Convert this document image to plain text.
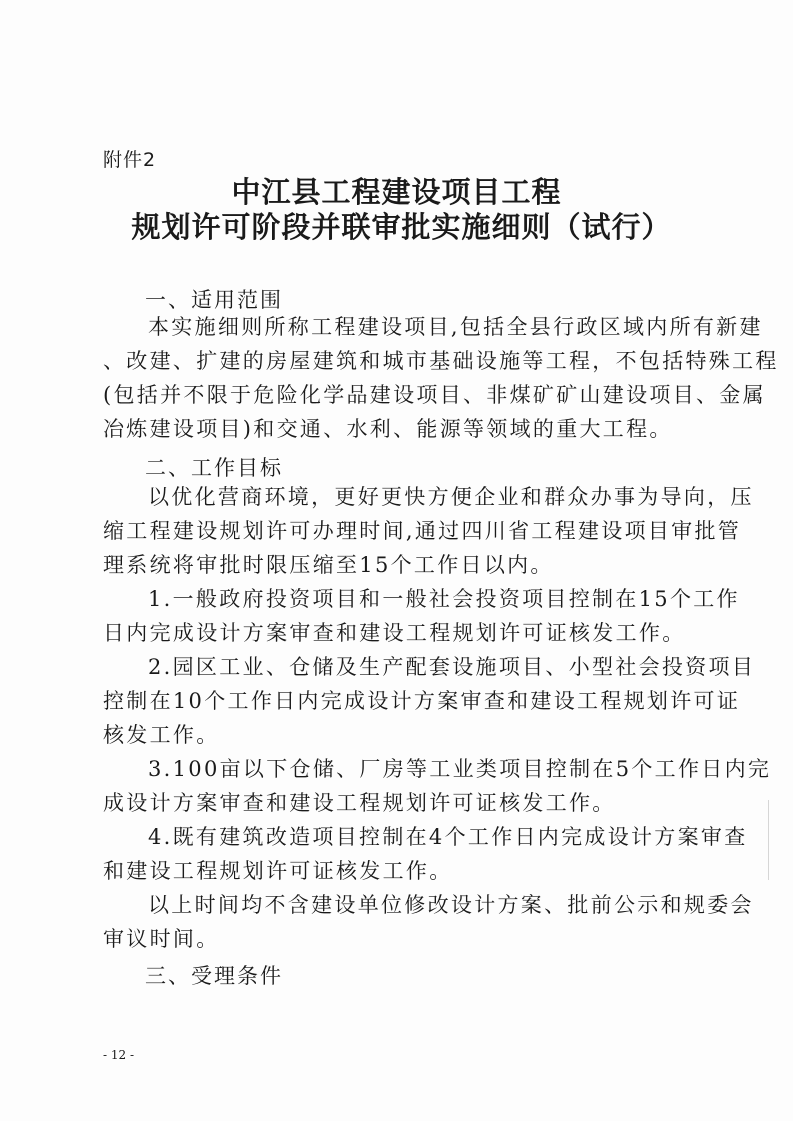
附件2
中江县工程建设项目工程
规划许可阶段并联审批实施细则（试行）
一、适用范围
本实施细则所称工程建设项目,包括全县行政区域内所有新建
、改建、扩建的房屋建筑和城市基础设施等工程，不包括特殊工程
(包括并不限于危险化学品建设项目、非煤矿矿山建设项目、金属
冶炼建设项目)和交通、水利、能源等领域的重大工程。
二、工作目标
以优化营商环境，更好更快方便企业和群众办事为导向，压
缩工程建设规划许可办理时间,通过四川省工程建设项目审批管
理系统将审批时限压缩至15个工作日以内。
1.一般政府投资项目和一般社会投资项目控制在15个工作
日内完成设计方案审查和建设工程规划许可证核发工作。
2.园区工业、仓储及生产配套设施项目、小型社会投资项目
控制在10个工作日内完成设计方案审查和建设工程规划许可证
核发工作。
3.100亩以下仓储、厂房等工业类项目控制在5个工作日内完
成设计方案审查和建设工程规划许可证核发工作。
4.既有建筑改造项目控制在4个工作日内完成设计方案审查
和建设工程规划许可证核发工作。
以上时间均不含建设单位修改设计方案、批前公示和规委会
审议时间。
三、受理条件
- 12 -
